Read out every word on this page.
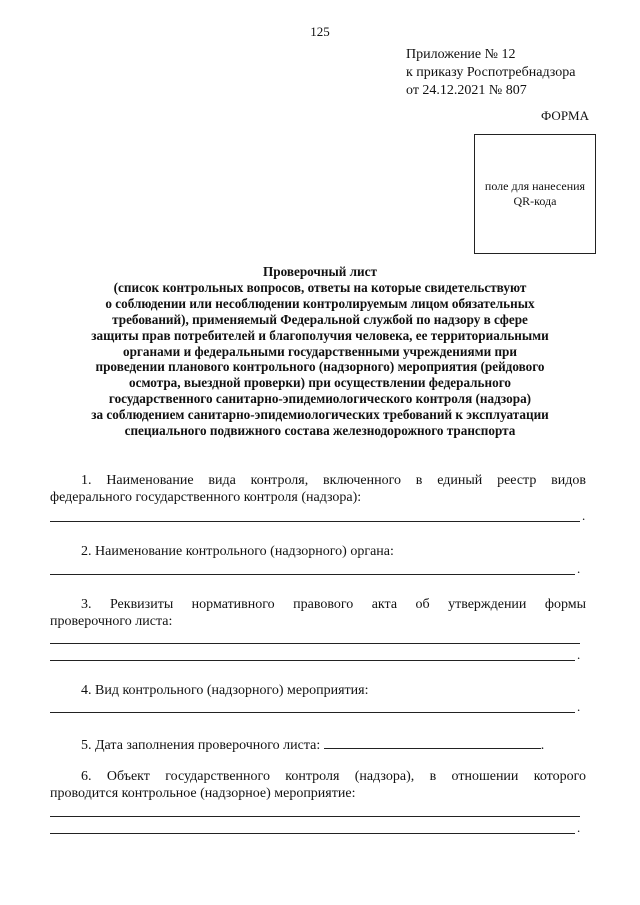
125
Приложение № 12
к приказу Роспотребнадзора
от 24.12.2021 № 807
ФОРМА
поле для нанесения
QR-кода
Проверочный лист
(список контрольных вопросов, ответы на которые свидетельствуют
о соблюдении или несоблюдении контролируемым лицом обязательных
требований), применяемый Федеральной службой по надзору в сфере
защиты прав потребителей и благополучия человека, ее территориальными
органами и федеральными государственными учреждениями при
проведении планового контрольного (надзорного) мероприятия (рейдового
осмотра, выездной проверки) при осуществлении федерального
государственного санитарно-эпидемиологического контроля (надзора)
за соблюдением санитарно-эпидемиологических требований к эксплуатации
специального подвижного состава железнодорожного транспорта
1. Наименование вида контроля, включенного в единый реестр видов
федерального государственного контроля (надзора):
.
2. Наименование контрольного (надзорного) органа:
.
3. Реквизиты нормативного правового акта об утверждении формы
проверочного листа:
.
4. Вид контрольного (надзорного) мероприятия:
.
5. Дата заполнения проверочного листа:	.
6. Объект государственного контроля (надзора), в отношении которого
проводится контрольное (надзорное) мероприятие:
.
